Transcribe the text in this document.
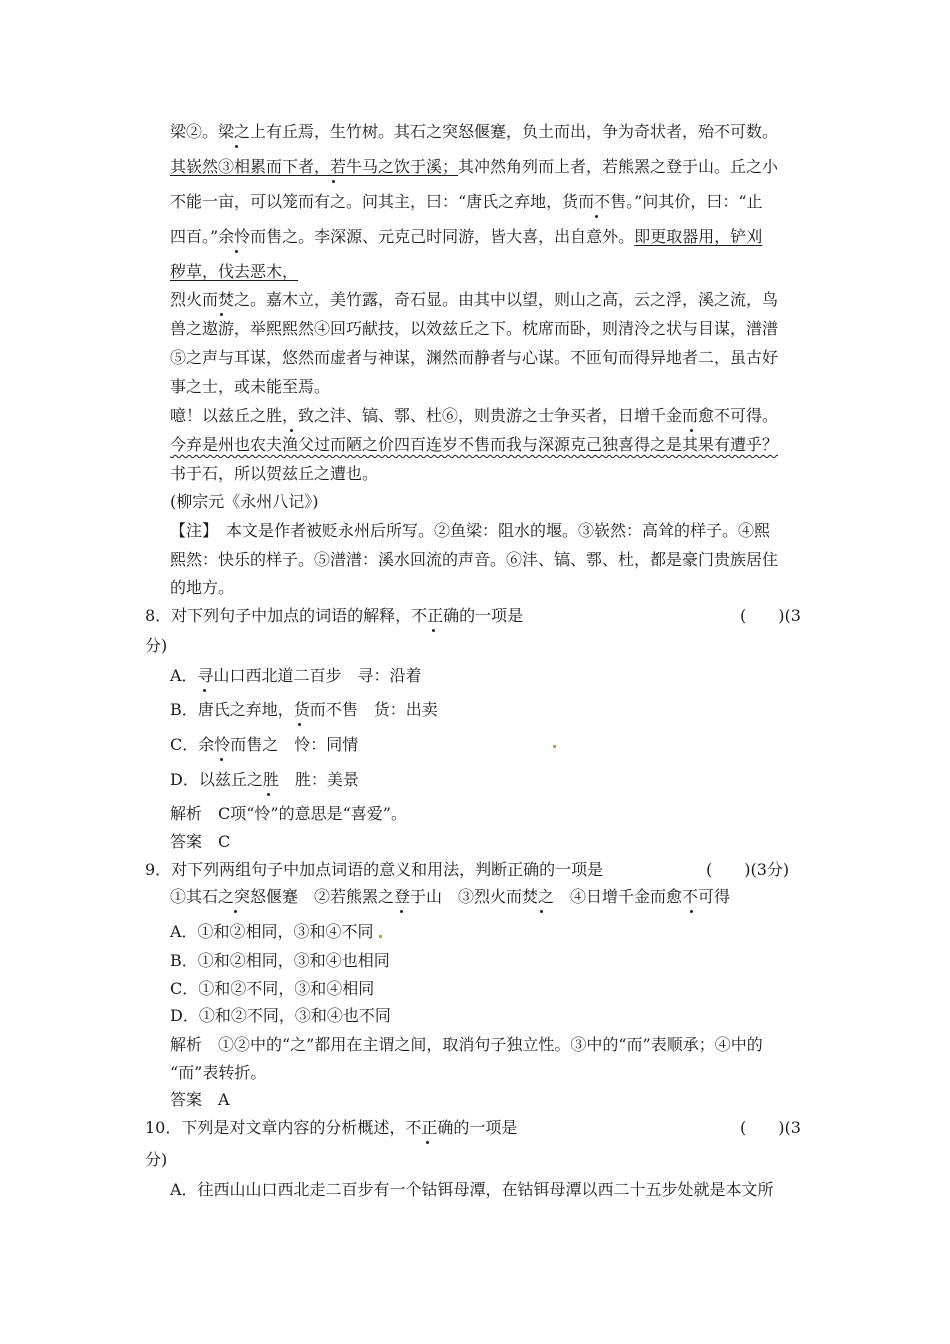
梁②。梁之上有丘焉，生竹树。其石之突怒偃蹇，负土而出，争为奇状者，殆不可数。
其嵚然③相累而下者，若牛马之饮于溪；其冲然角列而上者，若熊罴之登于山。丘之小
不能一亩，可以笼而有之。问其主，曰：“唐氏之弃地，货而不售。”问其价，曰：“止
四百。”余怜而售之。李深源、元克己时同游，皆大喜，出自意外。即更取器用，铲刈
秽草，伐去恶木，
烈火而焚之。嘉木立，美竹露，奇石显。由其中以望，则山之高，云之浮，溪之流，鸟
兽之遨游，举熙熙然④回巧献技，以效兹丘之下。枕席而卧，则清泠之状与目谋，潽潽
⑤之声与耳谋，悠然而虚者与神谋，渊然而静者与心谋。不匝旬而得异地者二，虽古好
事之士，或未能至焉。
噫！以兹丘之胜，致之沣、镐、鄠、杜⑥，则贵游之士争买者，日增千金而愈不可得。
今弃是州也农夫渔父过而陋之价四百连岁不售而我与深源克己独喜得之是其果有遭乎？
书于石，所以贺兹丘之遭也。
(柳宗元《永州八记》)
【注】　本文是作者被贬永州后所写。②鱼梁：阻水的堰。③嵚然：高耸的样子。④熙
熙然：快乐的样子。⑤潽潽：溪水回流的声音。⑥沣、镐、鄠、杜，都是豪门贵族居住
的地方。
8．对下列句子中加点的词语的解释，不正确的一项是	(　　)(3
分)
A．寻山口西北道二百步　寻：沿着
B．唐氏之弃地，货而不售　货：出卖
C．余怜而售之　怜：同情
D．以兹丘之胜　胜：美景
解析　C项“怜”的意思是“喜爱”。
答案　C
9．对下列两组句子中加点词语的意义和用法，判断正确的一项是	(　　)(3分)
①其石之突怒偃蹇　②若熊罴之登于山　③烈火而焚之　④日增千金而愈不可得
A．①和②相同，③和④不同
B．①和②相同，③和④也相同
C．①和②不同，③和④相同
D．①和②不同，③和④也不同
解析　①②中的“之”都用在主谓之间，取消句子独立性。③中的“而”表顺承；④中的
“而”表转折。
答案　A
10．下列是对文章内容的分析概述，不正确的一项是	(　　)(3
分)
A．往西山山口西北走二百步有一个钴铒母潭，在钴铒母潭以西二十五步处就是本文所
